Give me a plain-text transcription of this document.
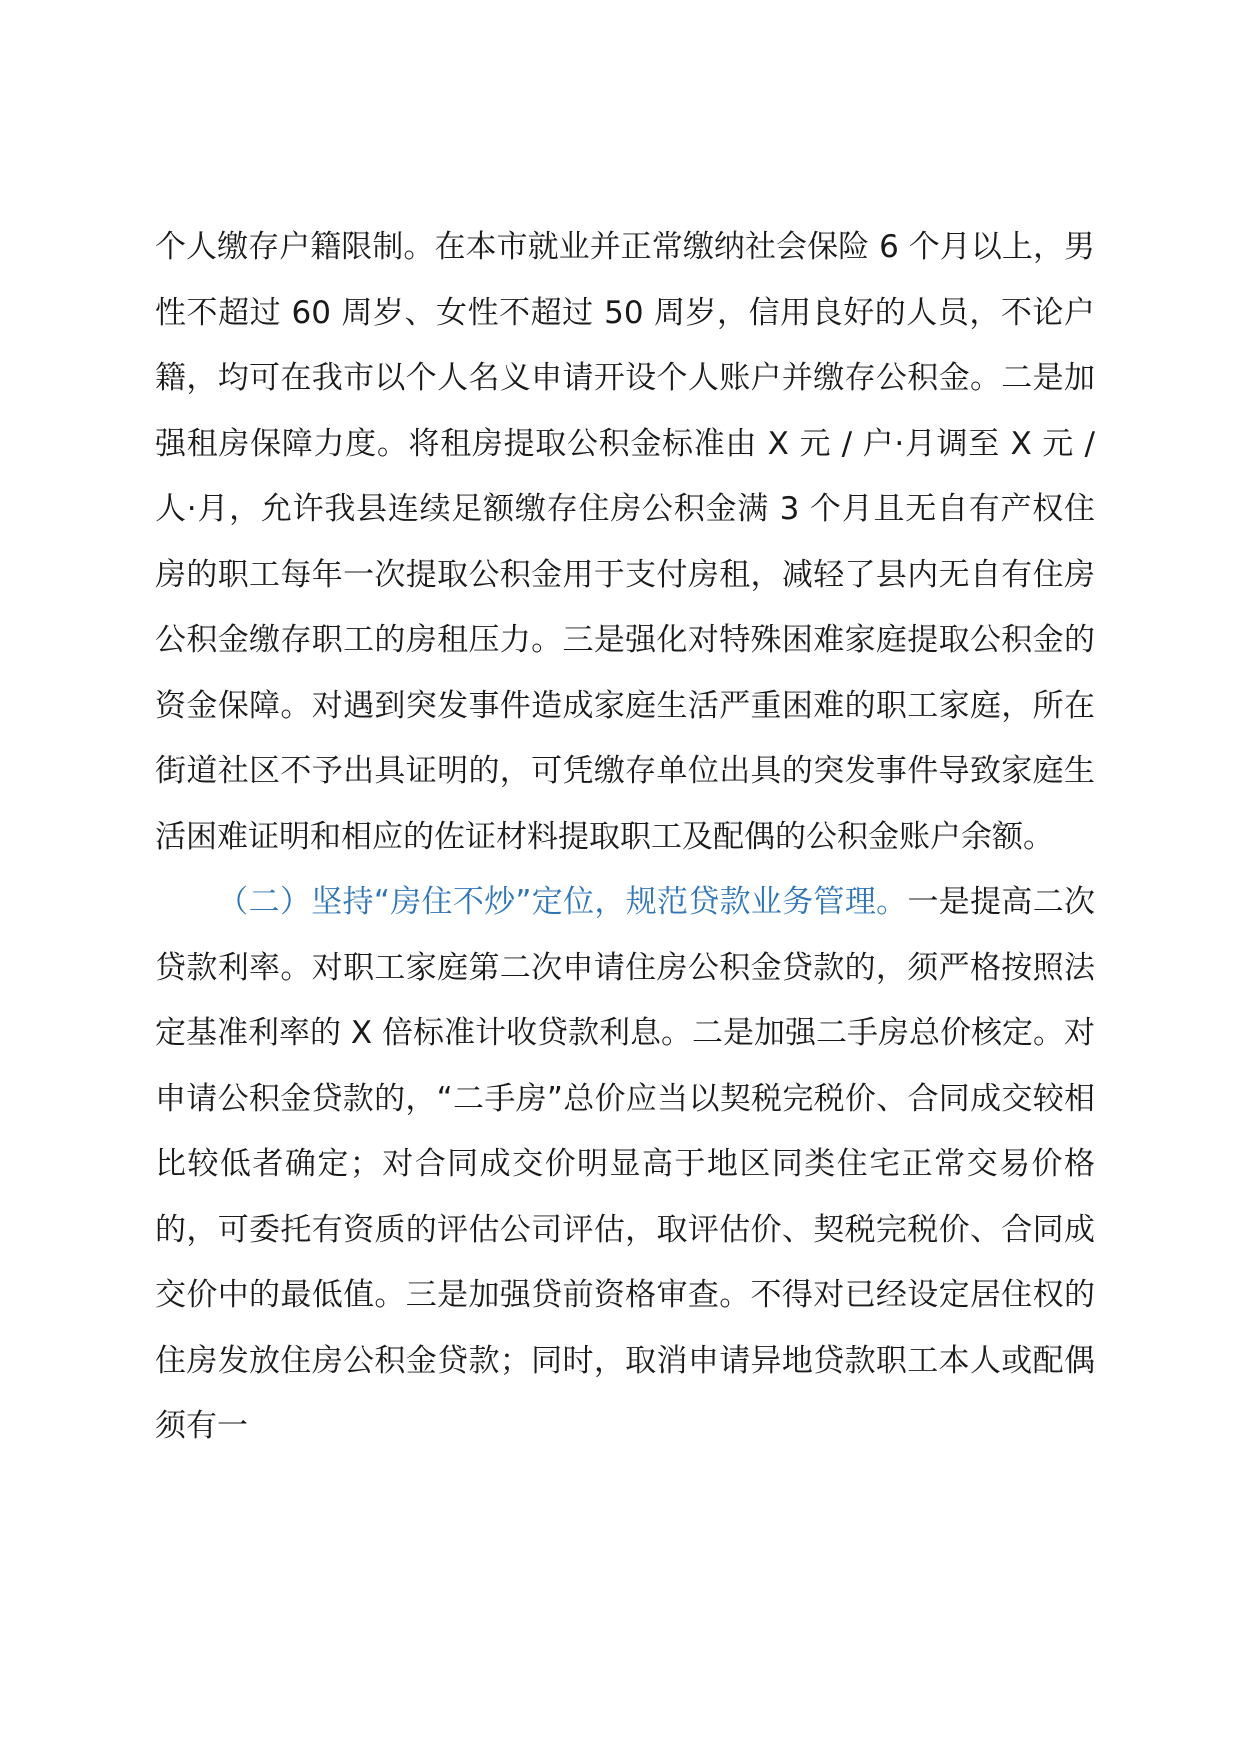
个人缴存户籍限制。在本市就业并正常缴纳社会保险 6 个月以上，男性不超过 60 周岁、女性不超过 50 周岁，信用良好的人员，不论户籍，均可在我市以个人名义申请开设个人账户并缴存公积金。二是加强租房保障力度。将租房提取公积金标准由 X 元 / 户·月调至 X 元 / 人·月，允许我县连续足额缴存住房公积金满 3 个月且无自有产权住房的职工每年一次提取公积金用于支付房租，减轻了县内无自有住房公积金缴存职工的房租压力。三是强化对特殊困难家庭提取公积金的资金保障。对遇到突发事件造成家庭生活严重困难的职工家庭，所在街道社区不予出具证明的，可凭缴存单位出具的突发事件导致家庭生活困难证明和相应的佐证材料提取职工及配偶的公积金账户余额。

（二）坚持“房住不炒”定位，规范贷款业务管理。一是提高二次贷款利率。对职工家庭第二次申请住房公积金贷款的，须严格按照法定基准利率的 X 倍标准计收贷款利息。二是加强二手房总价核定。对申请公积金贷款的，“二手房”总价应当以契税完税价、合同成交较相比较低者确定；对合同成交价明显高于地区同类住宅正常交易价格的，可委托有资质的评估公司评估，取评估价、契税完税价、合同成交价中的最低值。三是加强贷前资格审查。不得对已经设定居住权的住房发放住房公积金贷款；同时，取消申请异地贷款职工本人或配偶须有一
